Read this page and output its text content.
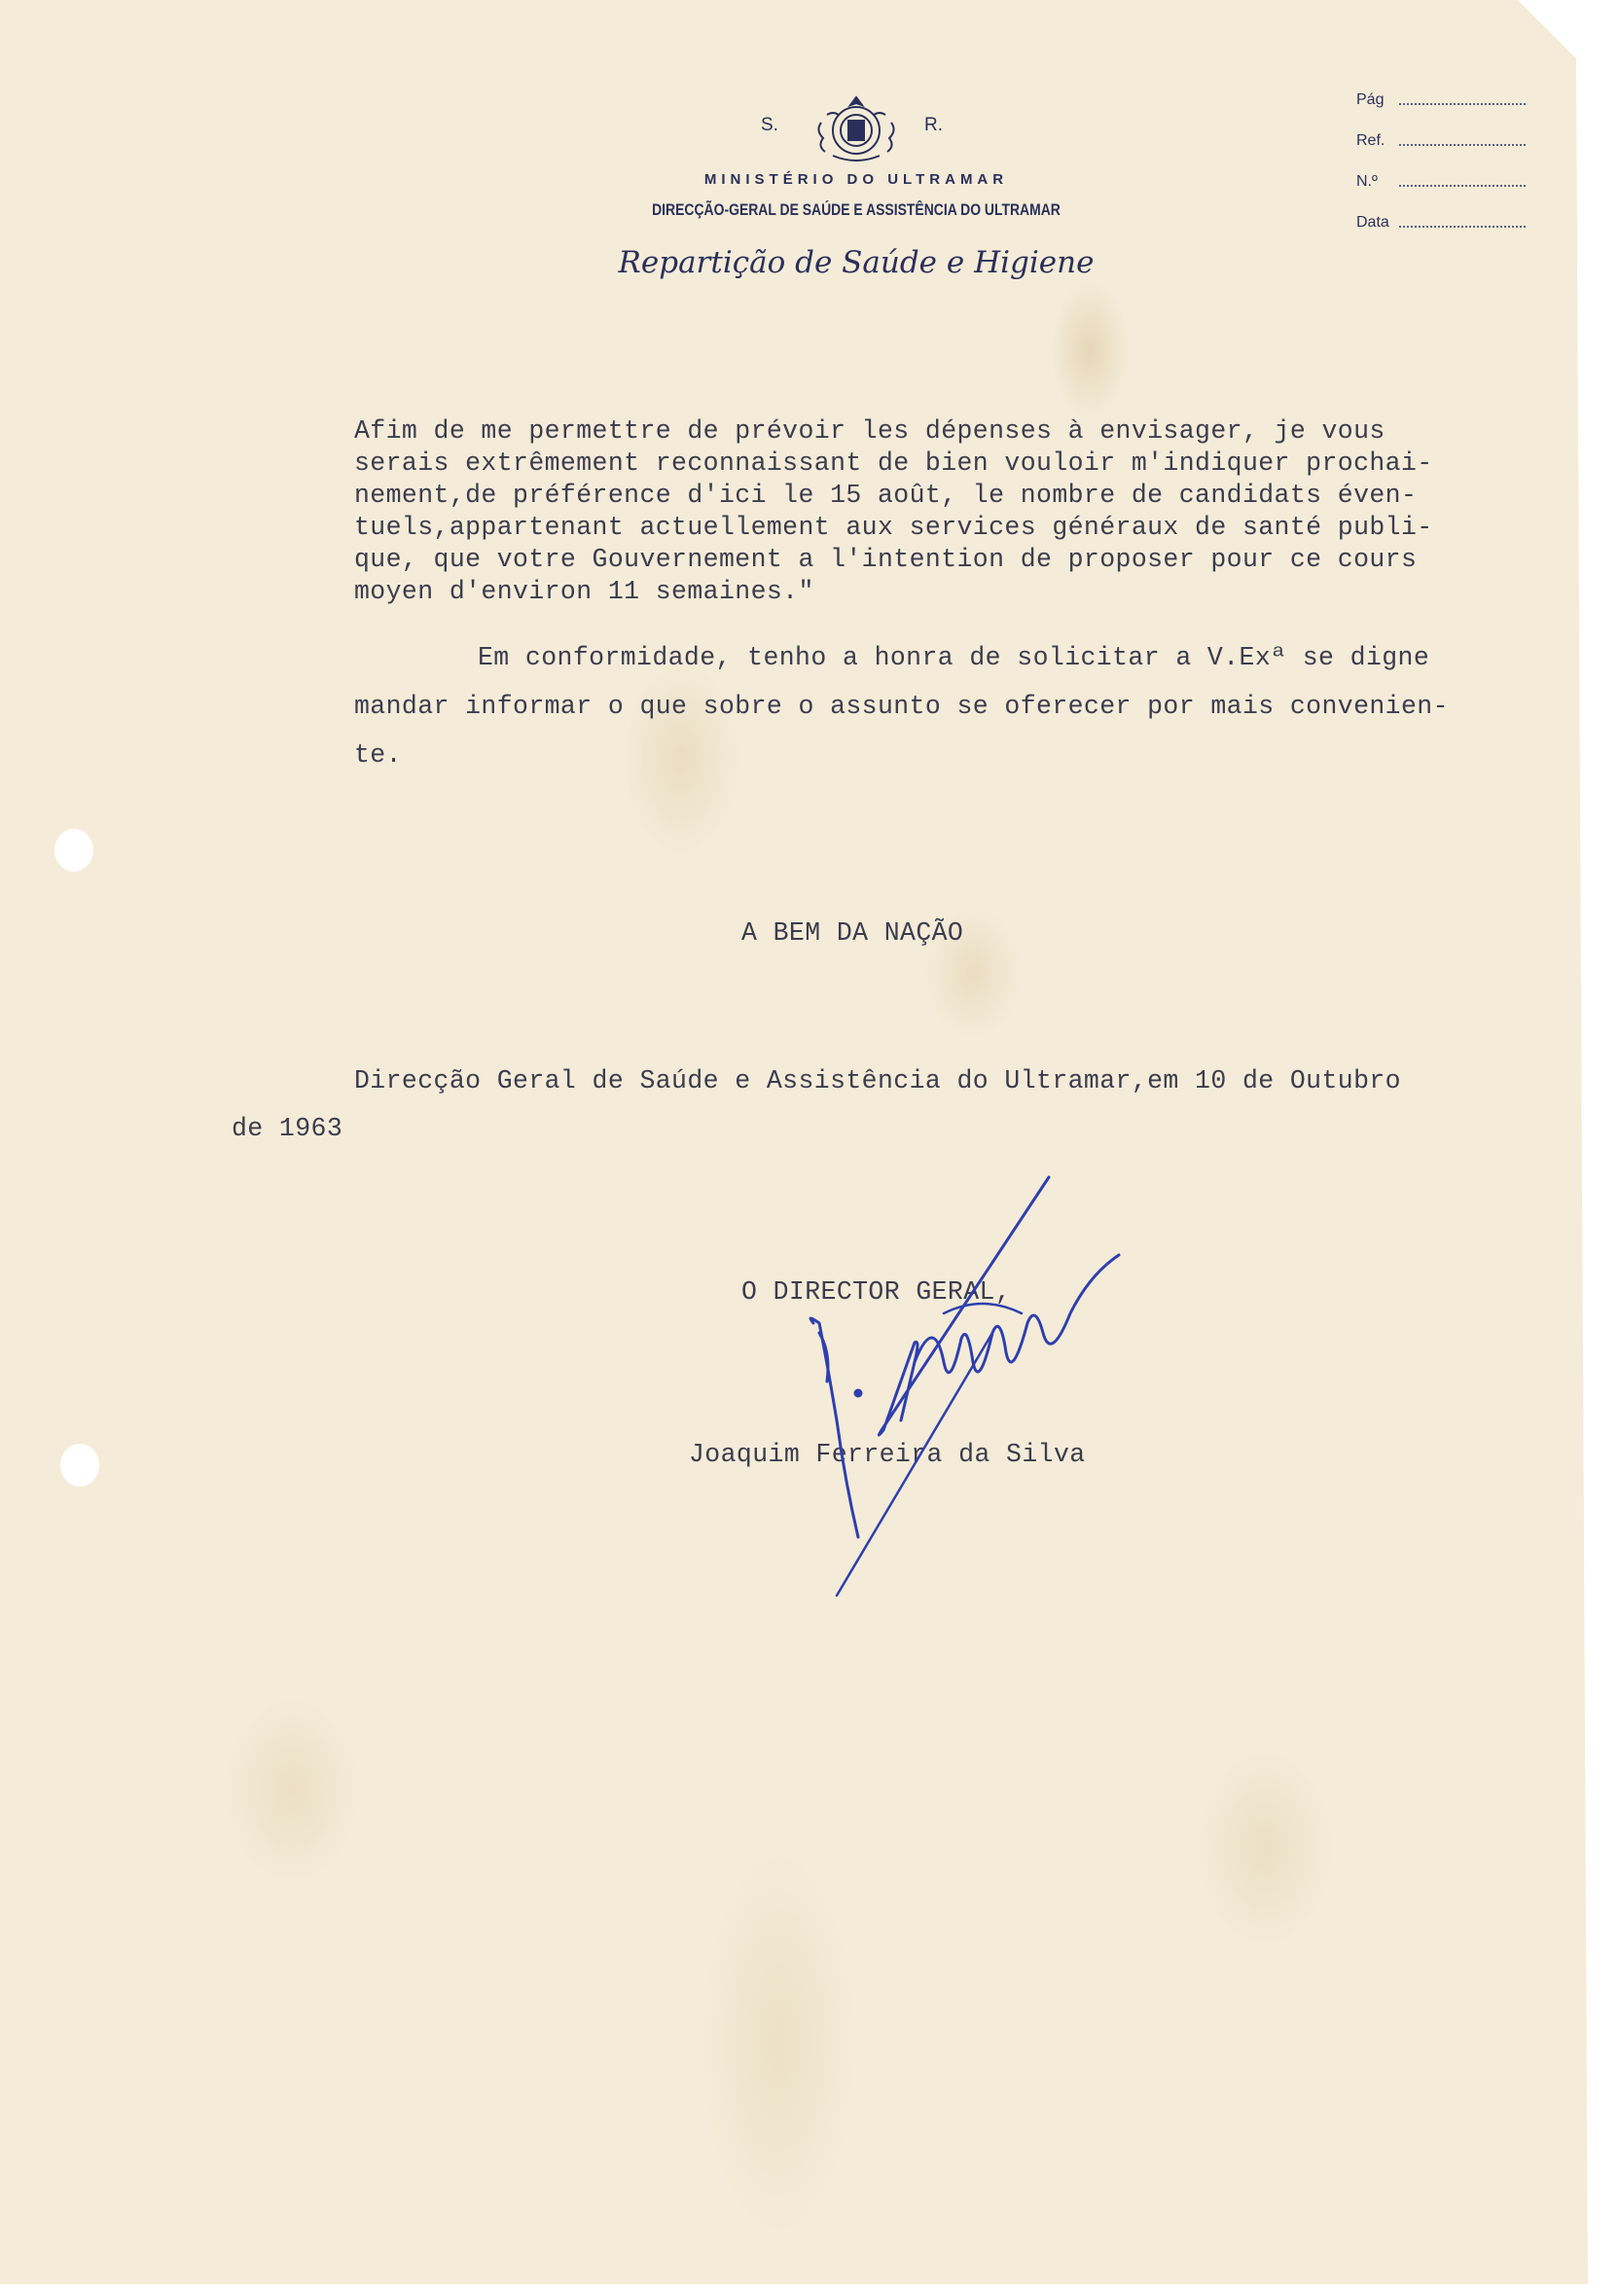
S.	R.
MINISTÉRIO DO ULTRAMAR
DIRECÇÃO-GERAL DE SAÚDE E ASSISTÊNCIA DO ULTRAMAR
Repartição de Saúde e Higiene
Pág
Ref.
N.º
Data
Afim de me permettre de prévoir les dépenses à envisager, je vous
serais extrêmement reconnaissant de bien vouloir m'indiquer prochai-
nement,de préférence d'ici le 15 août, le nombre de candidats éven-
tuels,appartenant actuellement aux services généraux de santé publi-
que, que votre Gouvernement a l'intention de proposer pour ce cours
moyen d'environ 11 semaines."
Em conformidade, tenho a honra de solicitar a V.Exª se digne
mandar informar o que sobre o assunto se oferecer por mais convenien-
te.
A BEM DA NAÇÃO
Direcção Geral de Saúde e Assistência do Ultramar,em 10 de Outubro
de 1963
O DIRECTOR GERAL,
Joaquim Ferreira da Silva
